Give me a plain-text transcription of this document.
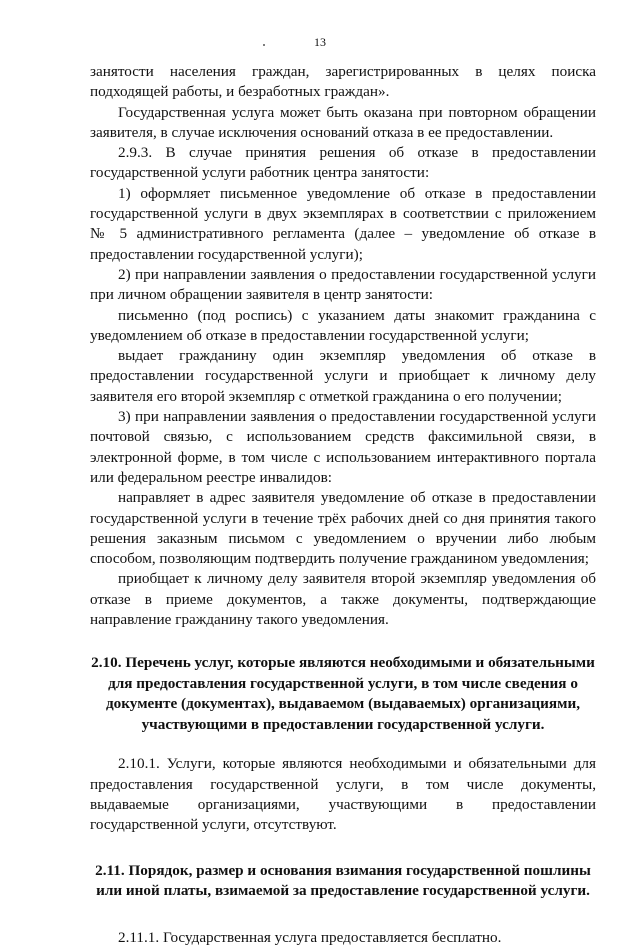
13

занятости населения граждан, зарегистрированных в целях поиска подходящей работы, и безработных граждан».

Государственная услуга может быть оказана при повторном обращении заявителя, в случае исключения оснований отказа в ее предоставлении.

2.9.3. В случае принятия решения об отказе в предоставлении государственной услуги работник центра занятости:

1) оформляет письменное уведомление об отказе в предоставлении государственной услуги в двух экземплярах в соответствии с приложением № 5 административного регламента (далее – уведомление об отказе в предоставлении государственной услуги);

2) при направлении заявления о предоставлении государственной услуги при личном обращении заявителя в центр занятости:

письменно (под роспись) с указанием даты знакомит гражданина с уведомлением об отказе в предоставлении государственной услуги;

выдает гражданину один экземпляр уведомления об отказе в предоставлении государственной услуги и приобщает к личному делу заявителя его второй экземпляр с отметкой гражданина о его получении;

3) при направлении заявления о предоставлении государственной услуги почтовой связью, с использованием средств факсимильной связи, в электронной форме, в том числе с использованием интерактивного портала или федеральном реестре инвалидов:

направляет в адрес заявителя уведомление об отказе в предоставлении государственной услуги в течение трёх рабочих дней со дня принятия такого решения заказным письмом с уведомлением о вручении либо любым способом, позволяющим подтвердить получение гражданином уведомления;

приобщает к личному делу заявителя второй экземпляр уведомления об отказе в приеме документов, а также документы, подтверждающие направление гражданину такого уведомления.

2.10. Перечень услуг, которые являются необходимыми и обязательными для предоставления государственной услуги, в том числе сведения о документе (документах), выдаваемом (выдаваемых) организациями, участвующими в предоставлении государственной услуги.

2.10.1. Услуги, которые являются необходимыми и обязательными для предоставления государственной услуги, в том числе документы, выдаваемые организациями, участвующими в предоставлении государственной услуги, отсутствуют.

2.11. Порядок, размер и основания взимания государственной пошлины или иной платы, взимаемой за предоставление государственной услуги.

2.11.1. Государственная услуга предоставляется бесплатно.
